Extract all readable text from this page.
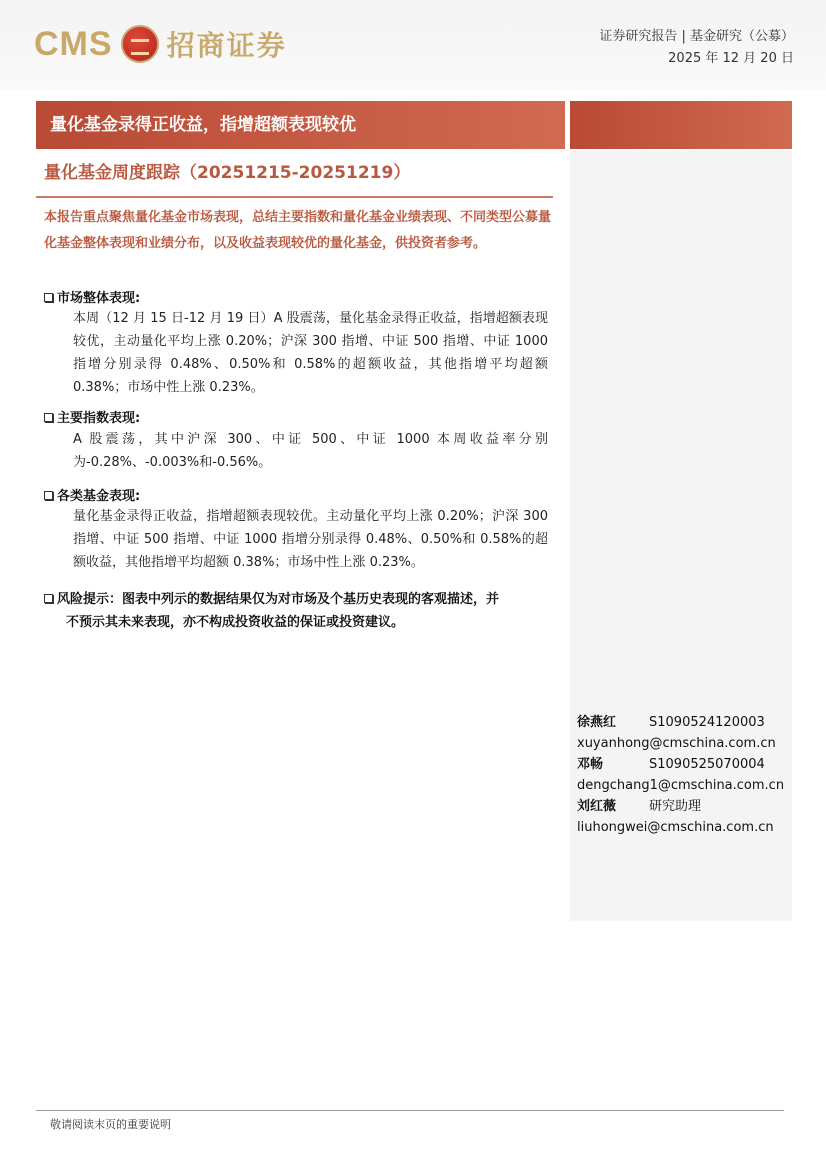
CMS 招商证券	证券研究报告 | 基金研究（公募）
2025 年 12 月 20 日
量化基金录得正收益，指增超额表现较优
量化基金周度跟踪（20251215-20251219）
本报告重点聚焦量化基金市场表现，总结主要指数和量化基金业绩表现、不同类型公募量化基金整体表现和业绩分布，以及收益表现较优的量化基金，供投资者参考。
市场整体表现:
本周（12 月 15 日-12 月 19 日）A 股震荡，量化基金录得正收益，指增超额表现较优，主动量化平均上涨 0.20%；沪深 300 指增、中证 500 指增、中证 1000 指增分别录得 0.48%、0.50%和 0.58%的超额收益，其他指增平均超额 0.38%；市场中性上涨 0.23%。
主要指数表现:
A 股震荡，其中沪深 300、中证 500、中证 1000 本周收益率分别为-0.28%、-0.003%和-0.56%。
各类基金表现:
量化基金录得正收益，指增超额表现较优。主动量化平均上涨 0.20%；沪深 300 指增、中证 500 指增、中证 1000 指增分别录得 0.48%、0.50%和 0.58%的超额收益，其他指增平均超额 0.38%；市场中性上涨 0.23%。
风险提示：图表中列示的数据结果仅为对市场及个基历史表现的客观描述，并
不预示其未来表现，亦不构成投资收益的保证或投资建议。
徐燕红	S1090524120003
xuyanhong@cmschina.com.cn
邓畅	S1090525070004
dengchang1@cmschina.com.cn
刘红薇	研究助理
liuhongwei@cmschina.com.cn
敬请阅读末页的重要说明
